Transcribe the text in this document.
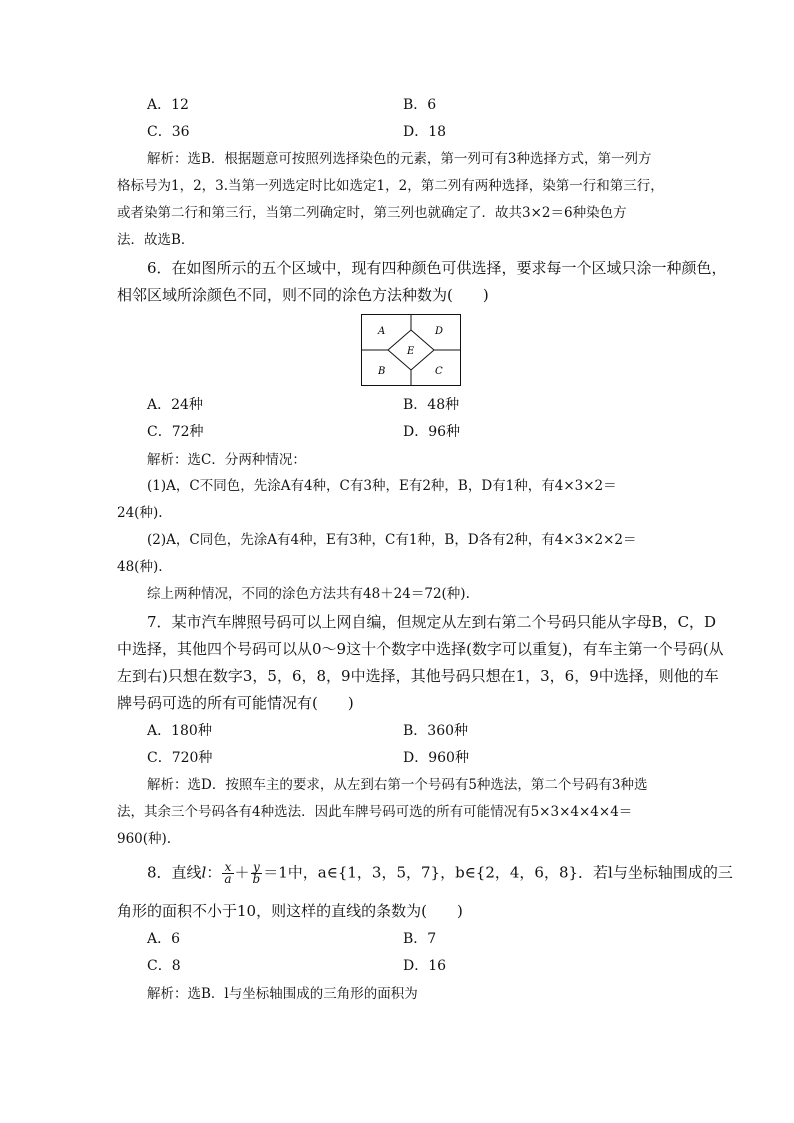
A．12	B．6
C．36	D．18
解析：选B．根据题意可按照列选择染色的元素，第一列可有3种选择方式，第一列方
格标号为1，2，3.当第一列选定时比如选定1，2，第二列有两种选择，染第一行和第三行，
或者染第二行和第三行，当第二列确定时，第三列也就确定了．故共3×2＝6种染色方
法．故选B．
6．在如图所示的五个区域中，现有四种颜色可供选择，要求每一个区域只涂一种颜色，
相邻区域所涂颜色不同，则不同的涂色方法种数为(　　)
A	D
E
B	C
A．24种	B．48种
C．72种	D．96种
解析：选C．分两种情况：
(1)A，C不同色，先涂A有4种，C有3种，E有2种，B，D有1种，有4×3×2＝
24(种).
(2)A，C同色，先涂A有4种，E有3种，C有1种，B，D各有2种，有4×3×2×2＝
48(种).
综上两种情况，不同的涂色方法共有48＋24＝72(种).
7．某市汽车牌照号码可以上网自编，但规定从左到右第二个号码只能从字母B，C，D
中选择，其他四个号码可以从0～9这十个数字中选择(数字可以重复)，有车主第一个号码(从
左到右)只想在数字3，5，6，8，9中选择，其他号码只想在1，3，6，9中选择，则他的车
牌号码可选的所有可能情况有(　　)
A．180种	B．360种
C．720种	D．960种
解析：选D．按照车主的要求，从左到右第一个号码有5种选法，第二个号码有3种选
法，其余三个号码各有4种选法．因此车牌号码可选的所有可能情况有5×3×4×4×4＝
960(种).
8．直线l： $\frac{x}{a} + \frac{y}{b} =1$中，a∈{1，3，5，7}，b∈{2，4，6，8}．若l与坐标轴围成的三
角形的面积不小于10，则这样的直线的条数为(　　)
A．6	B．7
C．8	D．16
解析：选B．l与坐标轴围成的三角形的面积为
